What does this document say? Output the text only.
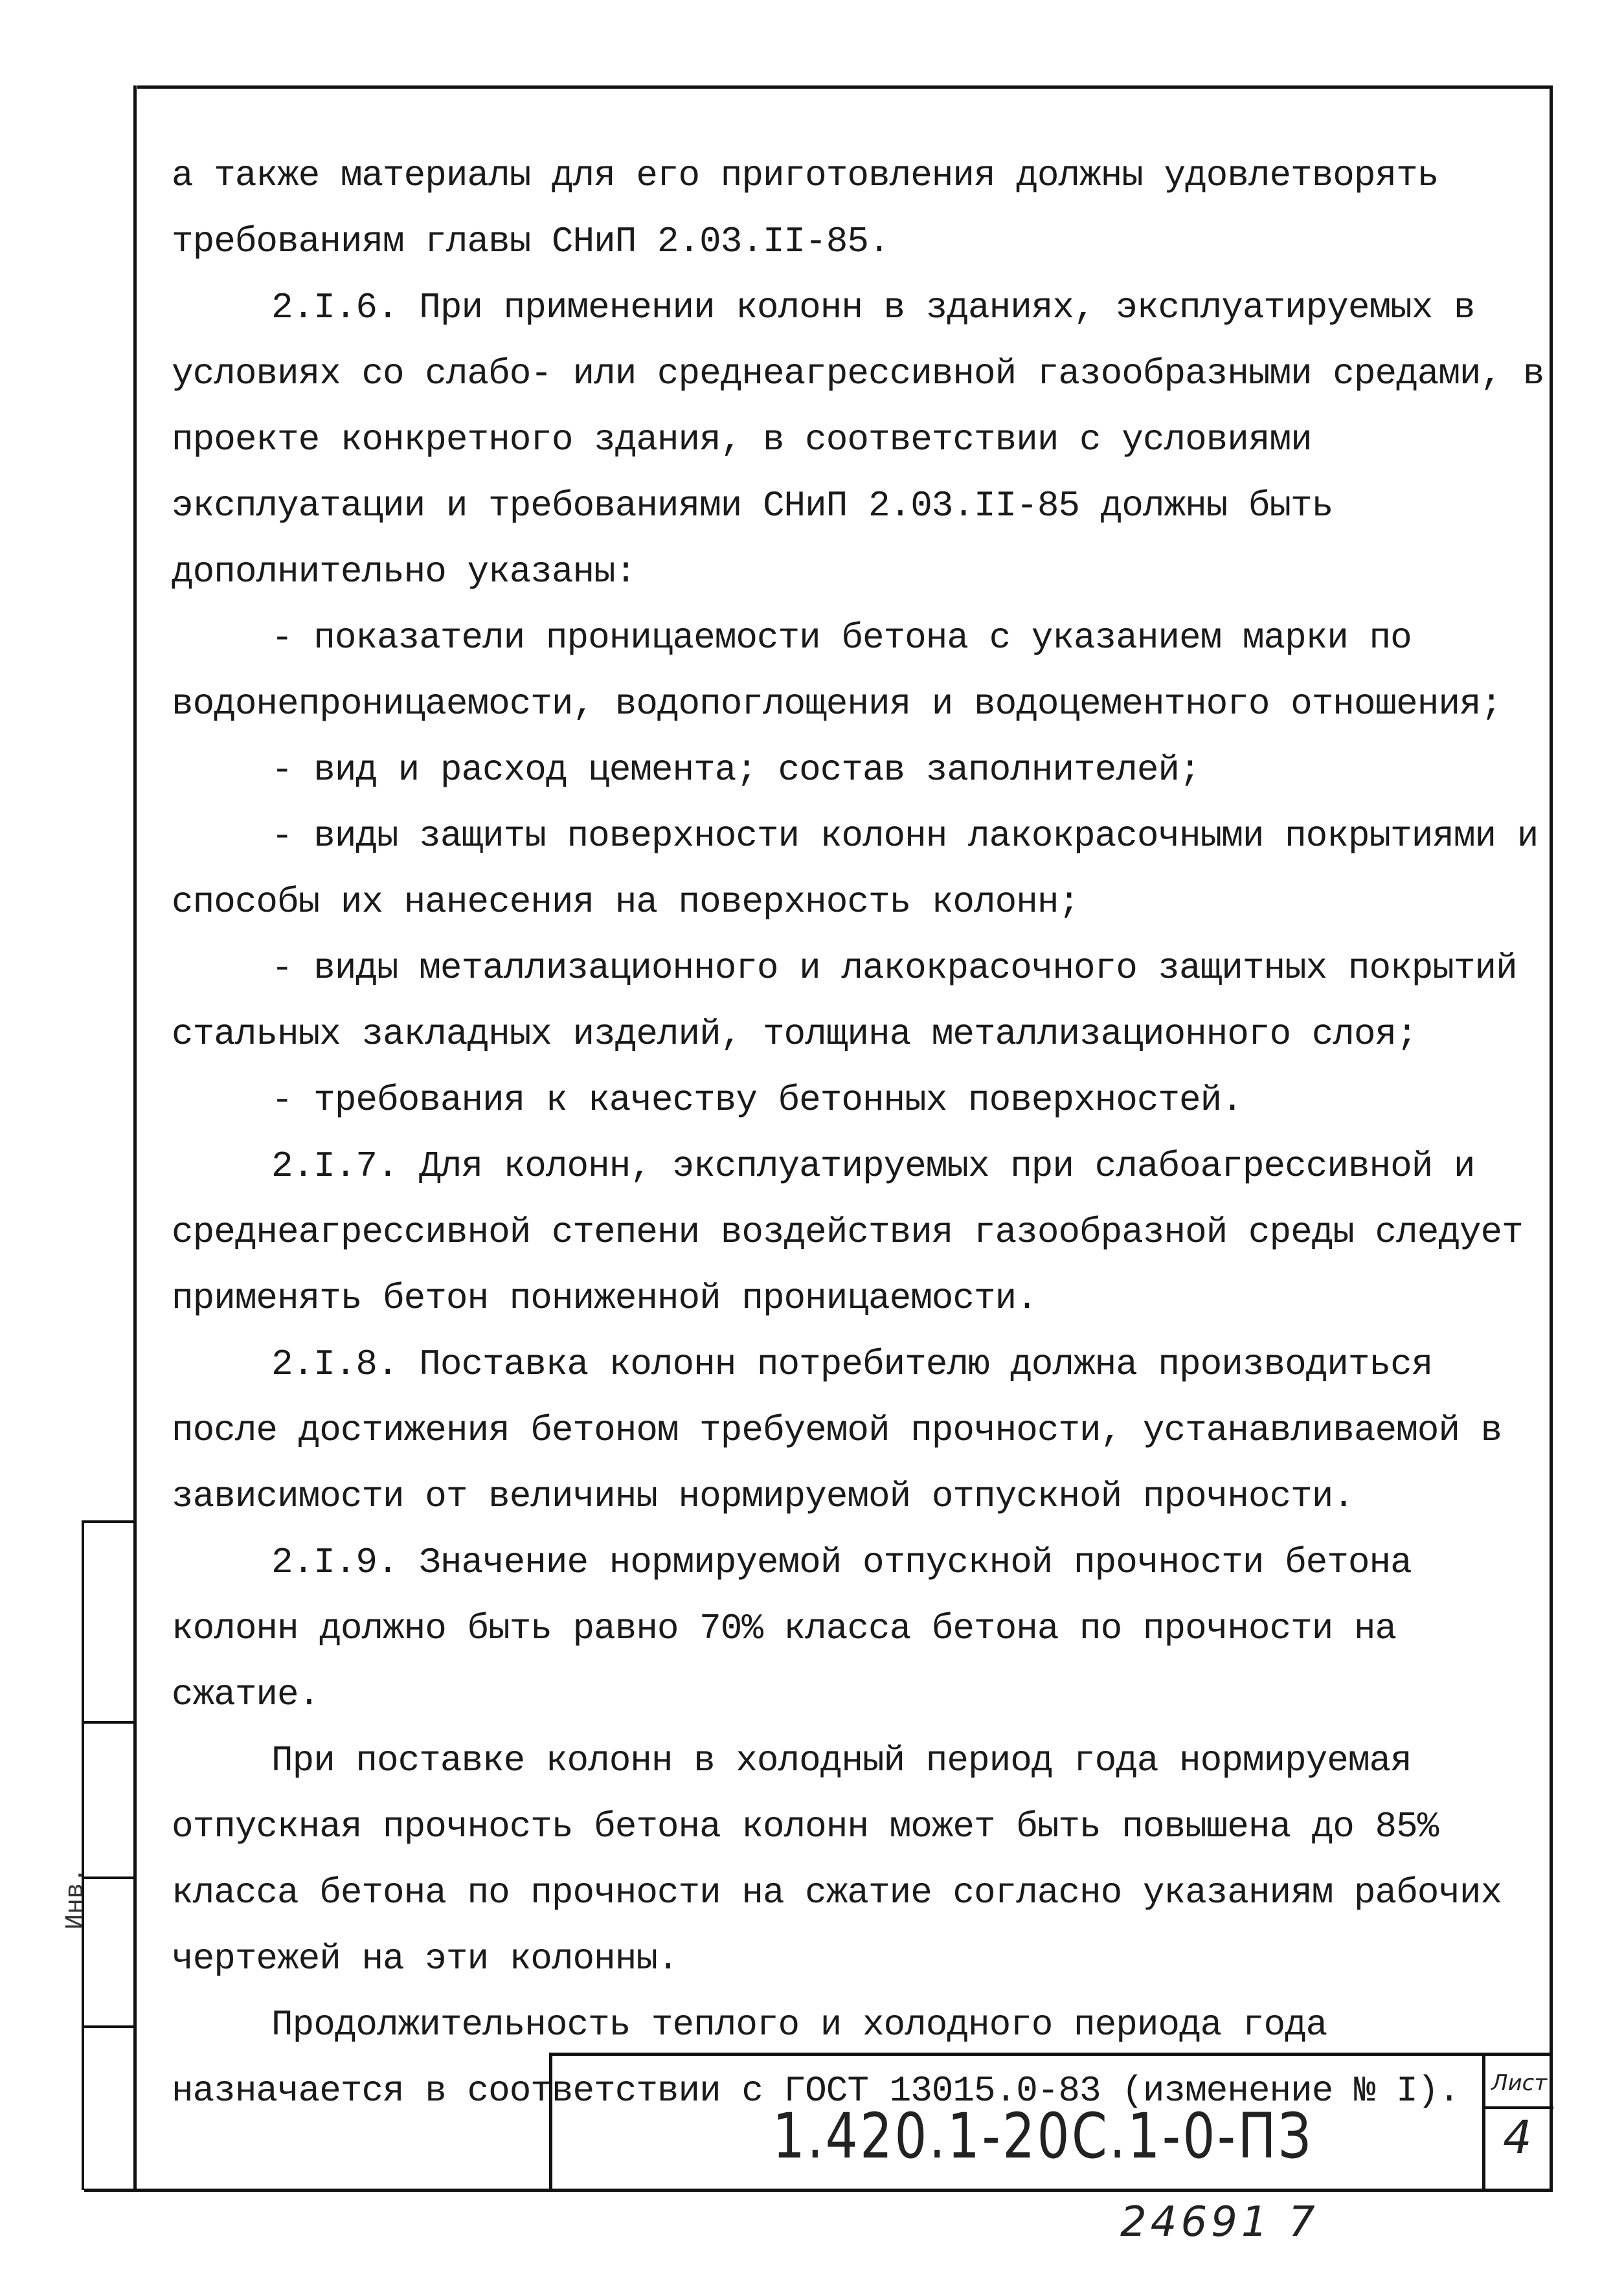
Инв.

а также материалы для его приготовления должны удовлетворять требованиям главы СНиП 2.03.II-85.

2.I.6. При применении колонн в зданиях, эксплуатируемых в условиях со слабо- или среднеагрессивной газообразными средами, в проекте конкретного здания, в соответствии с условиями эксплуатации и требованиями СНиП 2.03.II-85 должны быть дополнительно указаны:

- показатели проницаемости бетона с указанием марки по водонепроницаемости, водопоглощения и водоцементного отношения;

- вид и расход цемента; состав заполнителей;

- виды защиты поверхности колонн лакокрасочными покрытиями и способы их нанесения на поверхность колонн;

- виды металлизационного и лакокрасочного защитных покрытий стальных закладных изделий, толщина металлизационного слоя;

- требования к качеству бетонных поверхностей.

2.I.7. Для колонн, эксплуатируемых при слабоагрессивной и среднеагрессивной степени воздействия газообразной среды следует применять бетон пониженной проницаемости.

2.I.8. Поставка колонн потребителю должна производиться после достижения бетоном требуемой прочности, устанавливаемой в зависимости от величины нормируемой отпускной прочности.

2.I.9. Значение нормируемой отпускной прочности бетона колонн должно быть равно 70% класса бетона по прочности на сжатие.

При поставке колонн в холодный период года нормируемая отпускная прочность бетона колонн может быть повышена до 85% класса бетона по прочности на сжатие согласно указаниям рабочих чертежей на эти колонны.

Продолжительность теплого и холодного периода года назначается в соответствии с ГОСТ 13015.0-83 (изменение № I).

1.420.1-20C.1-0-ПЗ
Лист
4
24691 7
